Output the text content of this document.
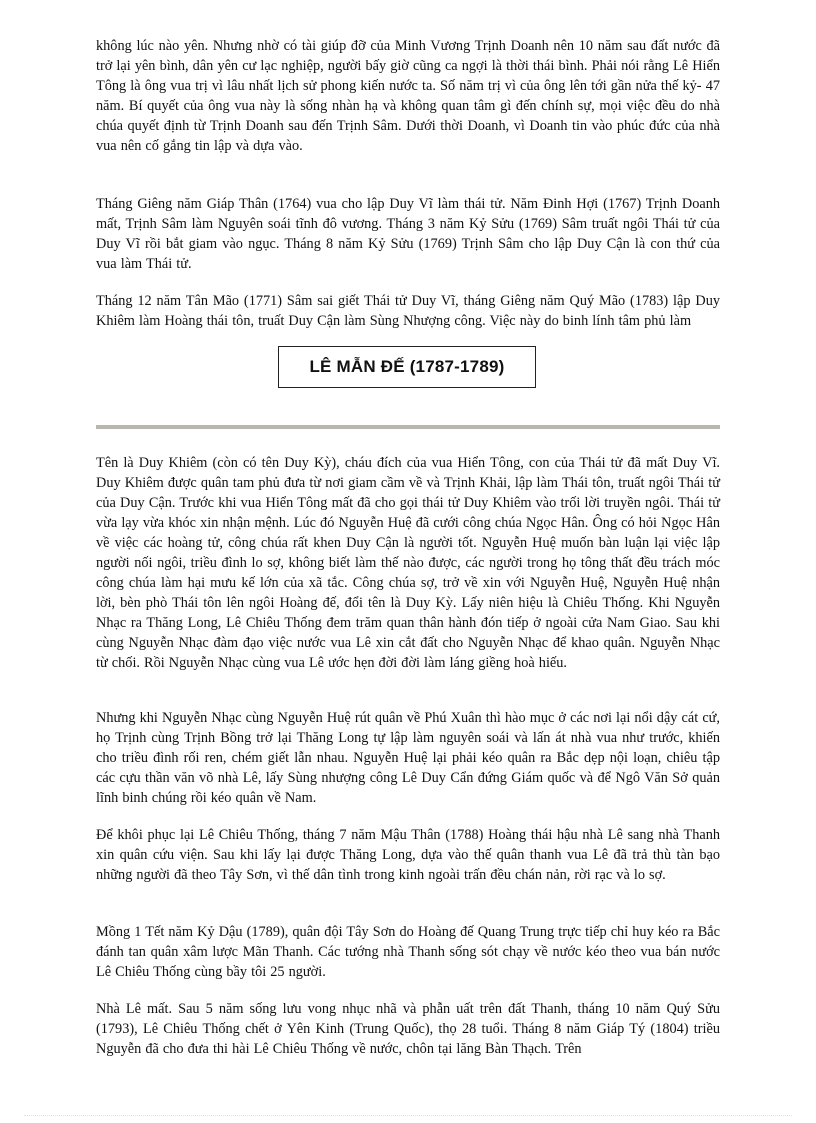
không lúc nào yên. Nhưng nhờ có tài giúp đỡ của Minh Vương Trịnh Doanh nên 10 năm sau đất nước đã trở lại yên bình, dân yên cư lạc nghiệp, người bấy giờ cũng ca ngợi là thời thái bình. Phải nói rằng Lê Hiển Tông là ông vua trị vì lâu nhất lịch sử phong kiến nước ta. Số năm trị vì của ông lên tới gần nửa thế kỷ- 47 năm. Bí quyết của ông vua này là sống nhàn hạ và không quan tâm gì đến chính sự, mọi việc đều do nhà chúa quyết định từ Trịnh Doanh sau đến Trịnh Sâm. Dưới thời Doanh, vì Doanh tin vào phúc đức của nhà vua nên cố gắng tin lập và dựa vào.

Tháng Giêng năm Giáp Thân (1764) vua cho lập Duy Vĩ làm thái tử. Năm Đinh Hợi (1767) Trịnh Doanh mất, Trịnh Sâm làm Nguyên soái tĩnh đô vương. Tháng 3 năm Kỷ Sửu (1769) Sâm truất ngôi Thái tử của Duy Vĩ rồi bắt giam vào ngục. Tháng 8 năm Kỷ Sửu (1769) Trịnh Sâm cho lập Duy Cận là con thứ của vua làm Thái tử.

Tháng 12 năm Tân Mão (1771) Sâm sai giết Thái tử Duy Vĩ, tháng Giêng năm Quý Mão (1783) lập Duy Khiêm làm Hoàng thái tôn, truất Duy Cận làm Sùng Nhượng công. Việc này do binh lính tâm phủ làm

LÊ MẪN ĐẾ (1787-1789)

Tên là Duy Khiêm (còn có tên Duy Kỳ), cháu đích của vua Hiển Tông, con của Thái tử đã mất Duy Vĩ. Duy Khiêm được quân tam phủ đưa từ nơi giam cầm về và Trịnh Khải, lập làm Thái tôn, truất ngôi Thái tử của Duy Cận. Trước khi vua Hiển Tông mất đã cho gọi thái tử Duy Khiêm vào trối lời truyền ngôi. Thái tử vừa lạy vừa khóc xin nhận mệnh. Lúc đó Nguyễn Huệ đã cưới công chúa Ngọc Hân. Ông có hỏi Ngọc Hân về việc các hoàng tử, công chúa rất khen Duy Cận là người tốt. Nguyễn Huệ muốn bàn luận lại việc lập người nối ngôi, triều đình lo sợ, không biết làm thế nào được, các người trong họ tông thất đều trách móc công chúa làm hại mưu kế lớn của xã tắc. Công chúa sợ, trở về xin với Nguyễn Huệ, Nguyễn Huệ nhận lời, bèn phò Thái tôn lên ngôi Hoàng đế, đổi tên là Duy Kỳ. Lấy niên hiệu là Chiêu Thống. Khi Nguyễn Nhạc ra Thăng Long, Lê Chiêu Thống đem trăm quan thân hành đón tiếp ở ngoài cửa Nam Giao. Sau khi cùng Nguyễn Nhạc đàm đạo việc nước vua Lê xin cắt đất cho Nguyễn Nhạc để khao quân. Nguyễn Nhạc từ chối. Rồi Nguyễn Nhạc cùng vua Lê ước hẹn đời đời làm láng giềng hoà hiếu.

Nhưng khi Nguyễn Nhạc cùng Nguyễn Huệ rút quân về Phú Xuân thì hào mục ở các nơi lại nổi dậy cát cứ, họ Trịnh cùng Trịnh Bồng trở lại Thăng Long tự lập làm nguyên soái và lấn át nhà vua như trước, khiến cho triều đình rối ren, chém giết lẫn nhau. Nguyễn Huệ lại phải kéo quân ra Bắc dẹp nội loạn, chiêu tập các cựu thần văn võ nhà Lê, lấy Sùng nhượng công Lê Duy Cẩn đứng Giám quốc và để Ngô Văn Sở quản lĩnh binh chúng rồi kéo quân về Nam.

Để khôi phục lại Lê Chiêu Thống, tháng 7 năm Mậu Thân (1788) Hoàng thái hậu nhà Lê sang nhà Thanh xin quân cứu viện. Sau khi lấy lại được Thăng Long, dựa vào thế quân thanh vua Lê đã trả thù tàn bạo những người đã theo Tây Sơn, vì thế dân tình trong kinh ngoài trấn đều chán nản, rời rạc và lo sợ.

Mồng 1 Tết năm Kỷ Dậu (1789), quân đội Tây Sơn do Hoàng đế Quang Trung trực tiếp chỉ huy kéo ra Bắc đánh tan quân xâm lược Mãn Thanh. Các tướng nhà Thanh sống sót chạy về nước kéo theo vua bán nước Lê Chiêu Thống cùng bầy tôi 25 người.

Nhà Lê mất. Sau 5 năm sống lưu vong nhục nhã và phẫn uất trên đất Thanh, tháng 10 năm Quý Sửu (1793), Lê Chiêu Thống chết ở Yên Kinh (Trung Quốc), thọ 28 tuổi. Tháng 8 năm Giáp Tý (1804) triều Nguyễn đã cho đưa thi hài Lê Chiêu Thống về nước, chôn tại lăng Bàn Thạch. Trên
